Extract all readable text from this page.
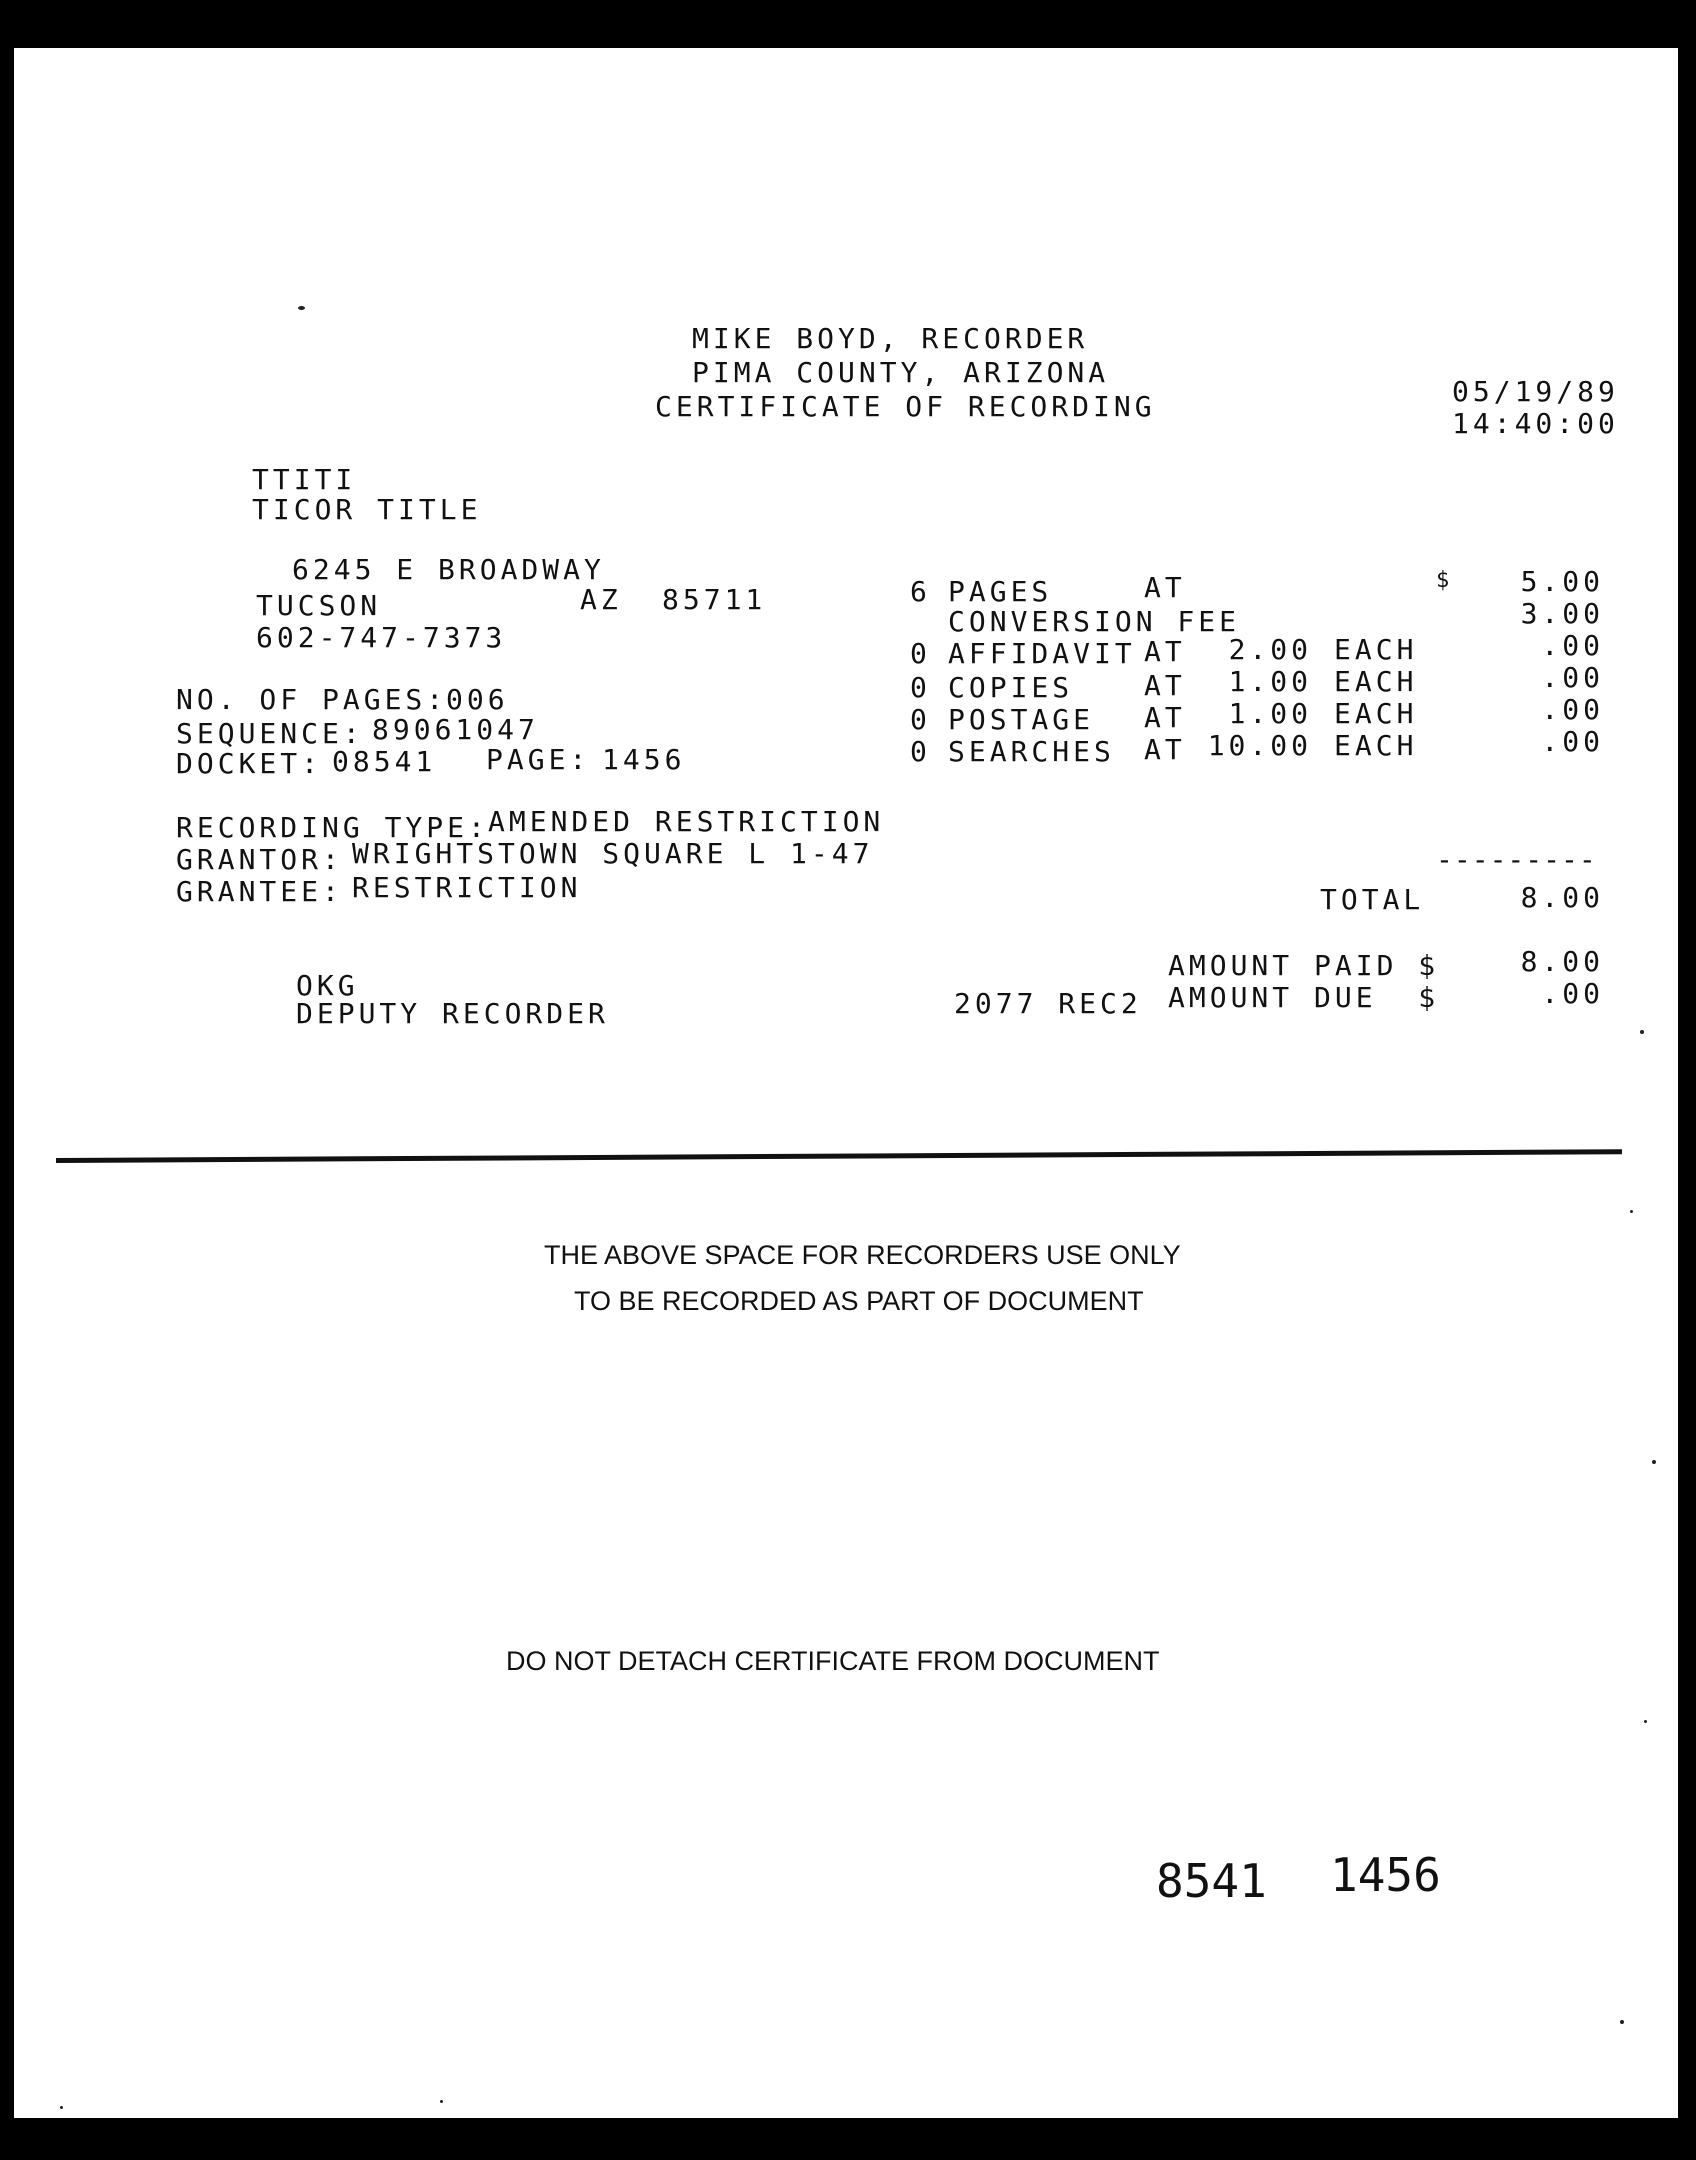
MIKE BOYD, RECORDER
PIMA COUNTY, ARIZONA
CERTIFICATE OF RECORDING	05/19/89
14:40:00
TTITI
TICOR TITLE
6245 E BROADWAY
TUCSON	AZ 85711
602-747-7373
NO. OF PAGES:
006
SEQUENCE: 89061047
DOCKET: 08541 PAGE: 1456
RECORDING TYPE: AMENDED RESTRICTION
GRANTOR: WRIGHTSTOWN SQUARE L 1-47
GRANTEE: RESTRICTION
$
6 PAGES	AT	5.00
CONVERSION FEE	3.00
0 AFFIDAVIT AT	2.00 EACH	.00
0 COPIES	AT	1.00 EACH	.00
0 POSTAGE AT	1.00 EACH	.00
0 SEARCHES AT 10.00 EACH	.00
---------
TOTAL	8.00
AMOUNT PAID $	8.00
AMOUNT DUE  $	.00
2077 REC2
OKG
DEPUTY RECORDER
THE ABOVE SPACE FOR RECORDERS USE ONLY
TO BE RECORDED AS PART OF DOCUMENT
DO NOT DETACH CERTIFICATE FROM DOCUMENT
8541 1456
